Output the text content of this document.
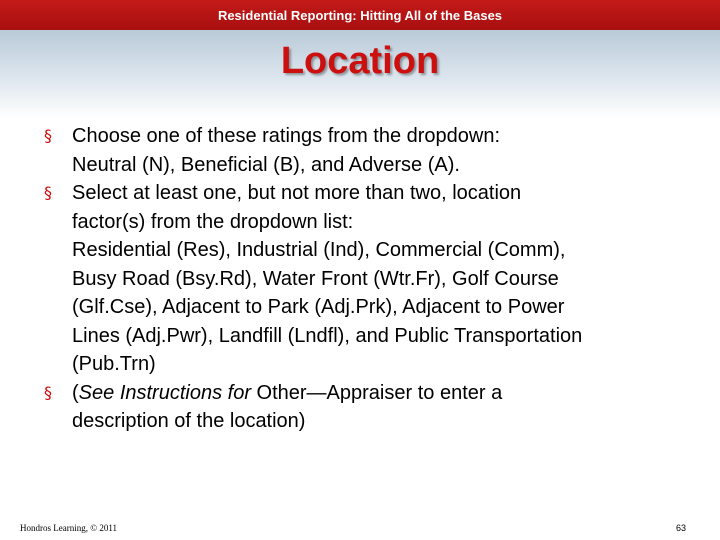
Residential Reporting: Hitting All of the Bases
Location
§ Choose one of these ratings from the dropdown:
Neutral (N), Beneficial (B), and Adverse (A).
§ Select at least one, but not more than two, location
factor(s) from the dropdown list:
Residential (Res), Industrial (Ind), Commercial (Comm),
Busy Road (Bsy.Rd), Water Front (Wtr.Fr), Golf Course
(Glf.Cse), Adjacent to Park (Adj.Prk), Adjacent to Power
Lines (Adj.Pwr), Landfill (Lndfl), and Public Transportation
(Pub.Trn)
§ (See Instructions for Other—Appraiser to enter a
description of the location)
Hondros Learning, © 2011	63
